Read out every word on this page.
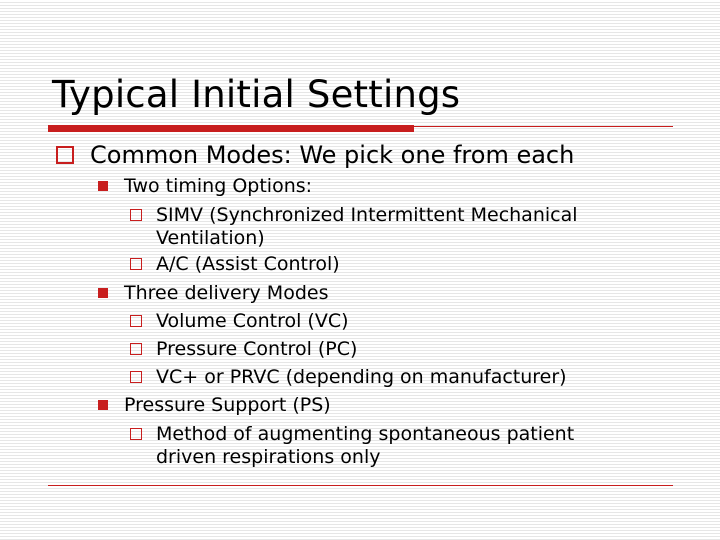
Typical Initial Settings
Common Modes: We pick one from each
Two timing Options:
SIMV (Synchronized Intermittent Mechanical
Ventilation)
A/C (Assist Control)
Three delivery Modes
Volume Control (VC)
Pressure Control (PC)
VC+ or PRVC (depending on manufacturer)
Pressure Support (PS)
Method of augmenting spontaneous patient
driven respirations only
